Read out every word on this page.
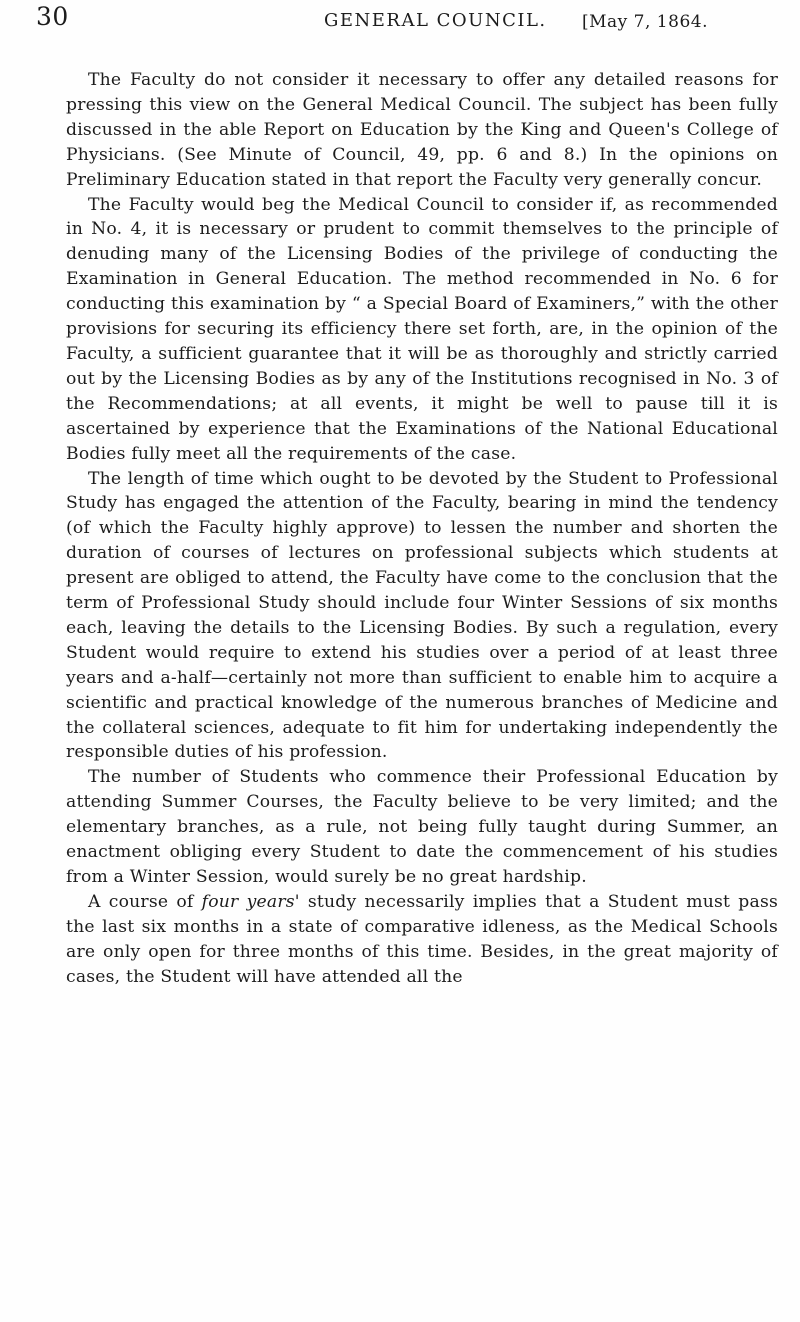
30	GENERAL COUNCIL. [May 7, 1864.

The Faculty do not consider it necessary to offer any detailed reasons for pressing this view on the General Medical Council. The subject has been fully discussed in the able Report on Education by the King and Queen's College of Physicians. (See Minute of Council, 49, pp. 6 and 8.) In the opinions on Preliminary Education stated in that report the Faculty very generally concur.

The Faculty would beg the Medical Council to consider if, as recommended in No. 4, it is necessary or prudent to commit themselves to the principle of denuding many of the Licensing Bodies of the privilege of conducting the Examination in General Education. The method recommended in No. 6 for conducting this examination by “ a Special Board of Examiners,” with the other provisions for securing its efficiency there set forth, are, in the opinion of the Faculty, a sufficient guarantee that it will be as thoroughly and strictly carried out by the Licensing Bodies as by any of the Institutions recognised in No. 3 of the Recommendations; at all events, it might be well to pause till it is ascertained by experience that the Examinations of the National Educational Bodies fully meet all the requirements of the case.

The length of time which ought to be devoted by the Student to Professional Study has engaged the attention of the Faculty, bearing in mind the tendency (of which the Faculty highly approve) to lessen the number and shorten the duration of courses of lectures on professional subjects which students at present are obliged to attend, the Faculty have come to the conclusion that the term of Professional Study should include four Winter Sessions of six months each, leaving the details to the Licensing Bodies. By such a regulation, every Student would require to extend his studies over a period of at least three years and a-half—certainly not more than sufficient to enable him to acquire a scientific and practical knowledge of the numerous branches of Medicine and the collateral sciences, adequate to fit him for undertaking independently the responsible duties of his profession.

The number of Students who commence their Professional Education by attending Summer Courses, the Faculty believe to be very limited; and the elementary branches, as a rule, not being fully taught during Summer, an enactment obliging every Student to date the commencement of his studies from a Winter Session, would surely be no great hardship.

A course of four years' study necessarily implies that a Student must pass the last six months in a state of comparative idleness, as the Medical Schools are only open for three months of this time. Besides, in the great majority of cases, the Student will have attended all the
